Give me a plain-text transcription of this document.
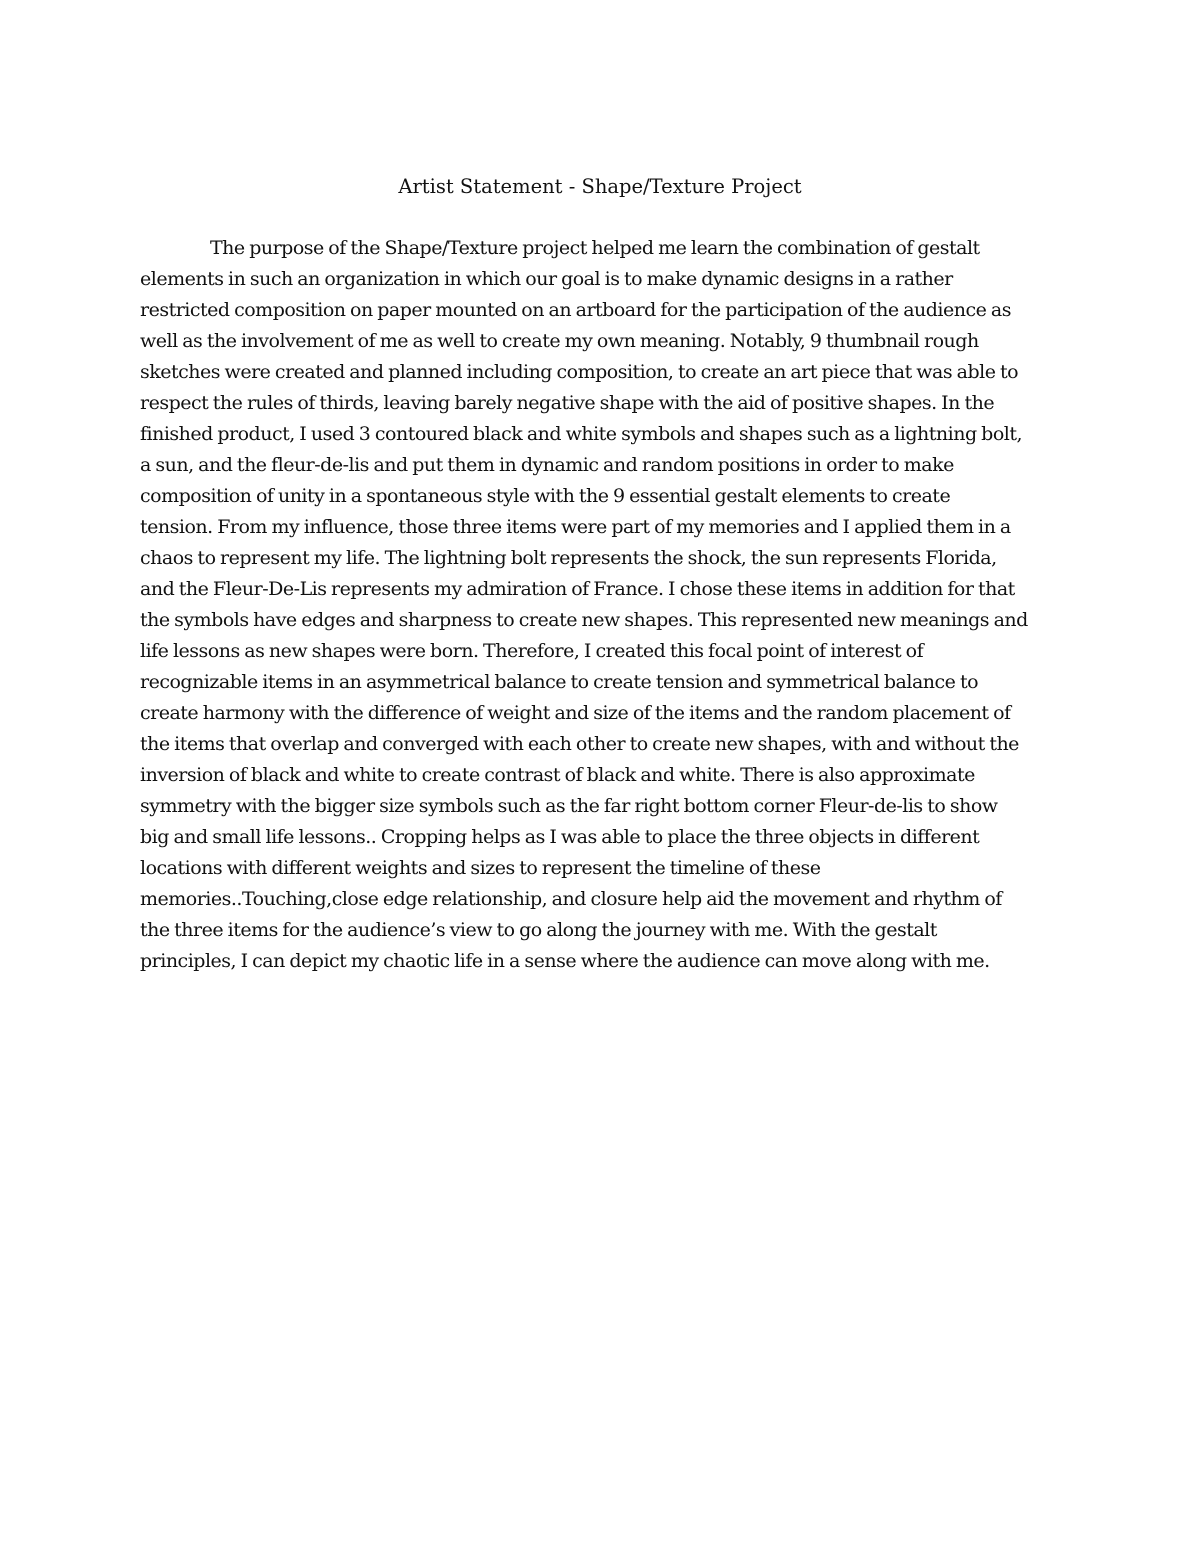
Artist Statement - Shape/Texture Project
The purpose of the Shape/Texture project helped me learn the combination of gestalt
elements in such an organization in which our goal is to make dynamic designs in a rather
restricted composition on paper mounted on an artboard for the participation of the audience as
well as the involvement of me as well to create my own meaning. Notably, 9 thumbnail rough
sketches were created and planned including composition, to create an art piece that was able to
respect the rules of thirds, leaving barely negative shape with the aid of positive shapes. In the
finished product, I used 3 contoured black and white symbols and shapes such as a lightning bolt,
a sun, and the fleur-de-lis and put them in dynamic and random positions in order to make
composition of unity in a spontaneous style with the 9 essential gestalt elements to create
tension. From my influence, those three items were part of my memories and I applied them in a
chaos to represent my life. The lightning bolt represents the shock, the sun represents Florida,
and the Fleur-De-Lis represents my admiration of France. I chose these items in addition for that
the symbols have edges and sharpness to create new shapes. This represented new meanings and
life lessons as new shapes were born. Therefore, I created this focal point of interest of
recognizable items in an asymmetrical balance to create tension and symmetrical balance to
create harmony with the difference of weight and size of the items and the random placement of
the items that overlap and converged with each other to create new shapes, with and without the
inversion of black and white to create contrast of black and white. There is also approximate
symmetry with the bigger size symbols such as the far right bottom corner Fleur-de-lis to show
big and small life lessons.. Cropping helps as I was able to place the three objects in different
locations with different weights and sizes to represent the timeline of these
memories..Touching,close edge relationship, and closure help aid the movement and rhythm of
the three items for the audience’s view to go along the journey with me. With the gestalt
principles, I can depict my chaotic life in a sense where the audience can move along with me.
